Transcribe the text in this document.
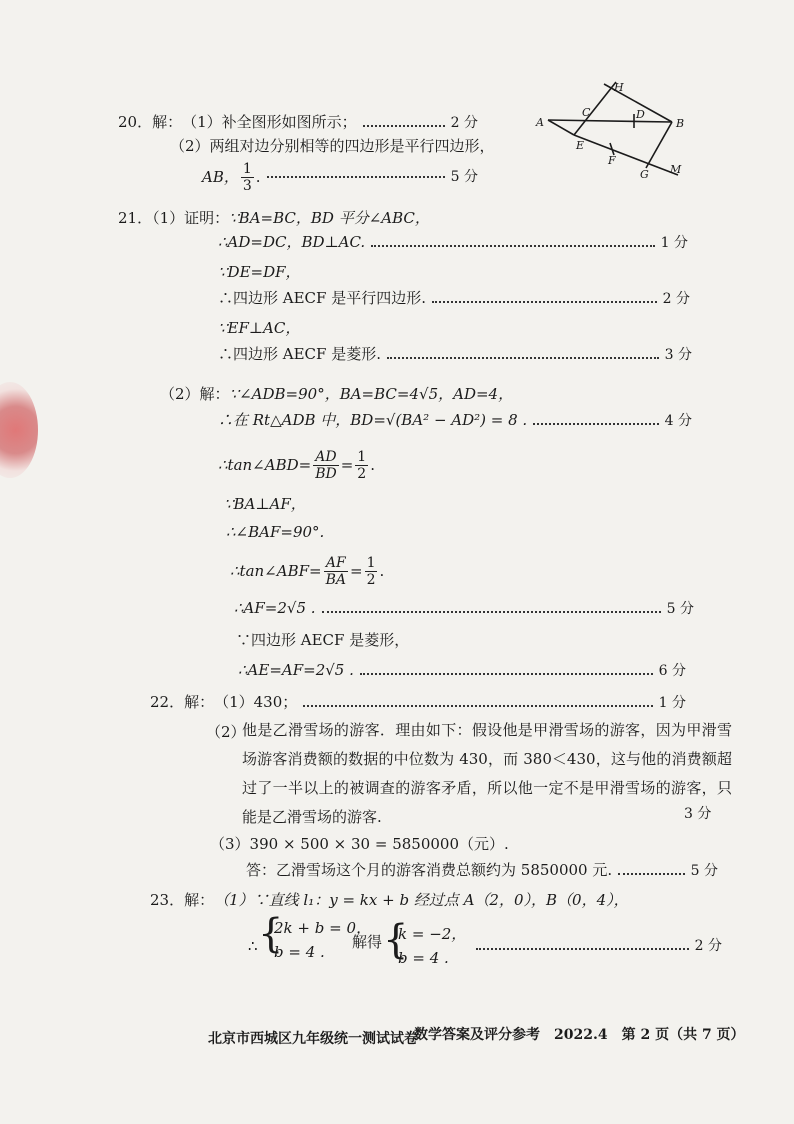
20．解： （1）补全图形如图所示；	2 分
（2）两组对边分别相等的四边形是平行四边形，
AB， $\frac{1}{3}$ .	5 分
A
C
H
D
B
E
F
G M
21．（1）证明： ∵BA=BC，BD 平分∠ABC，
∴AD=DC，BD⊥AC.	1 分
∵DE=DF，
∴四边形 AECF 是平行四边形.	2 分
∵EF⊥AC，
∴四边形 AECF 是菱形.	3 分
（2）解： ∵∠ADB=90°，BA=BC=4√5，AD=4，
∴在 Rt△ADB 中，BD=√(BA² − AD²) = 8 .	4 分
∴tan∠ABD= $\frac{AD}{BD} = \frac{1}{2}$ .
∵BA⊥AF，
∴∠BAF=90°.
∴tan∠ABF= $\frac{AF}{BA} = \frac{1}{2}$ .
∴AF=2√5 .	5 分
∵四边形 AECF 是菱形，
∴AE=AF=2√5 .	6 分
22．解： （1）430；	1 分
（2）
他是乙滑雪场的游客．理由如下：假设他是甲滑雪场的游客，因为甲滑雪场游客消费额的数据的中位数为 430，而 380＜430，这与他的消费额超过了一半以上的被调查的游客矛盾，所以他一定不是甲滑雪场的游客，只能是乙滑雪场的游客.	3 分
（3）390 × 500 × 30 = 5850000（元）.
答：乙滑雪场这个月的游客消费总额约为 5850000 元.	5 分
23．解： （1）∵直线 l₁：y = kx + b 经过点 A（2，0），B（0，4），
∴ {
2k + b = 0，
b = 4 .
解得 {
k = −2，
b = 4 .
2 分
北京市西城区九年级统一测试试卷
数学答案及评分参考　2022.4　第 2 页（共 7 页）
